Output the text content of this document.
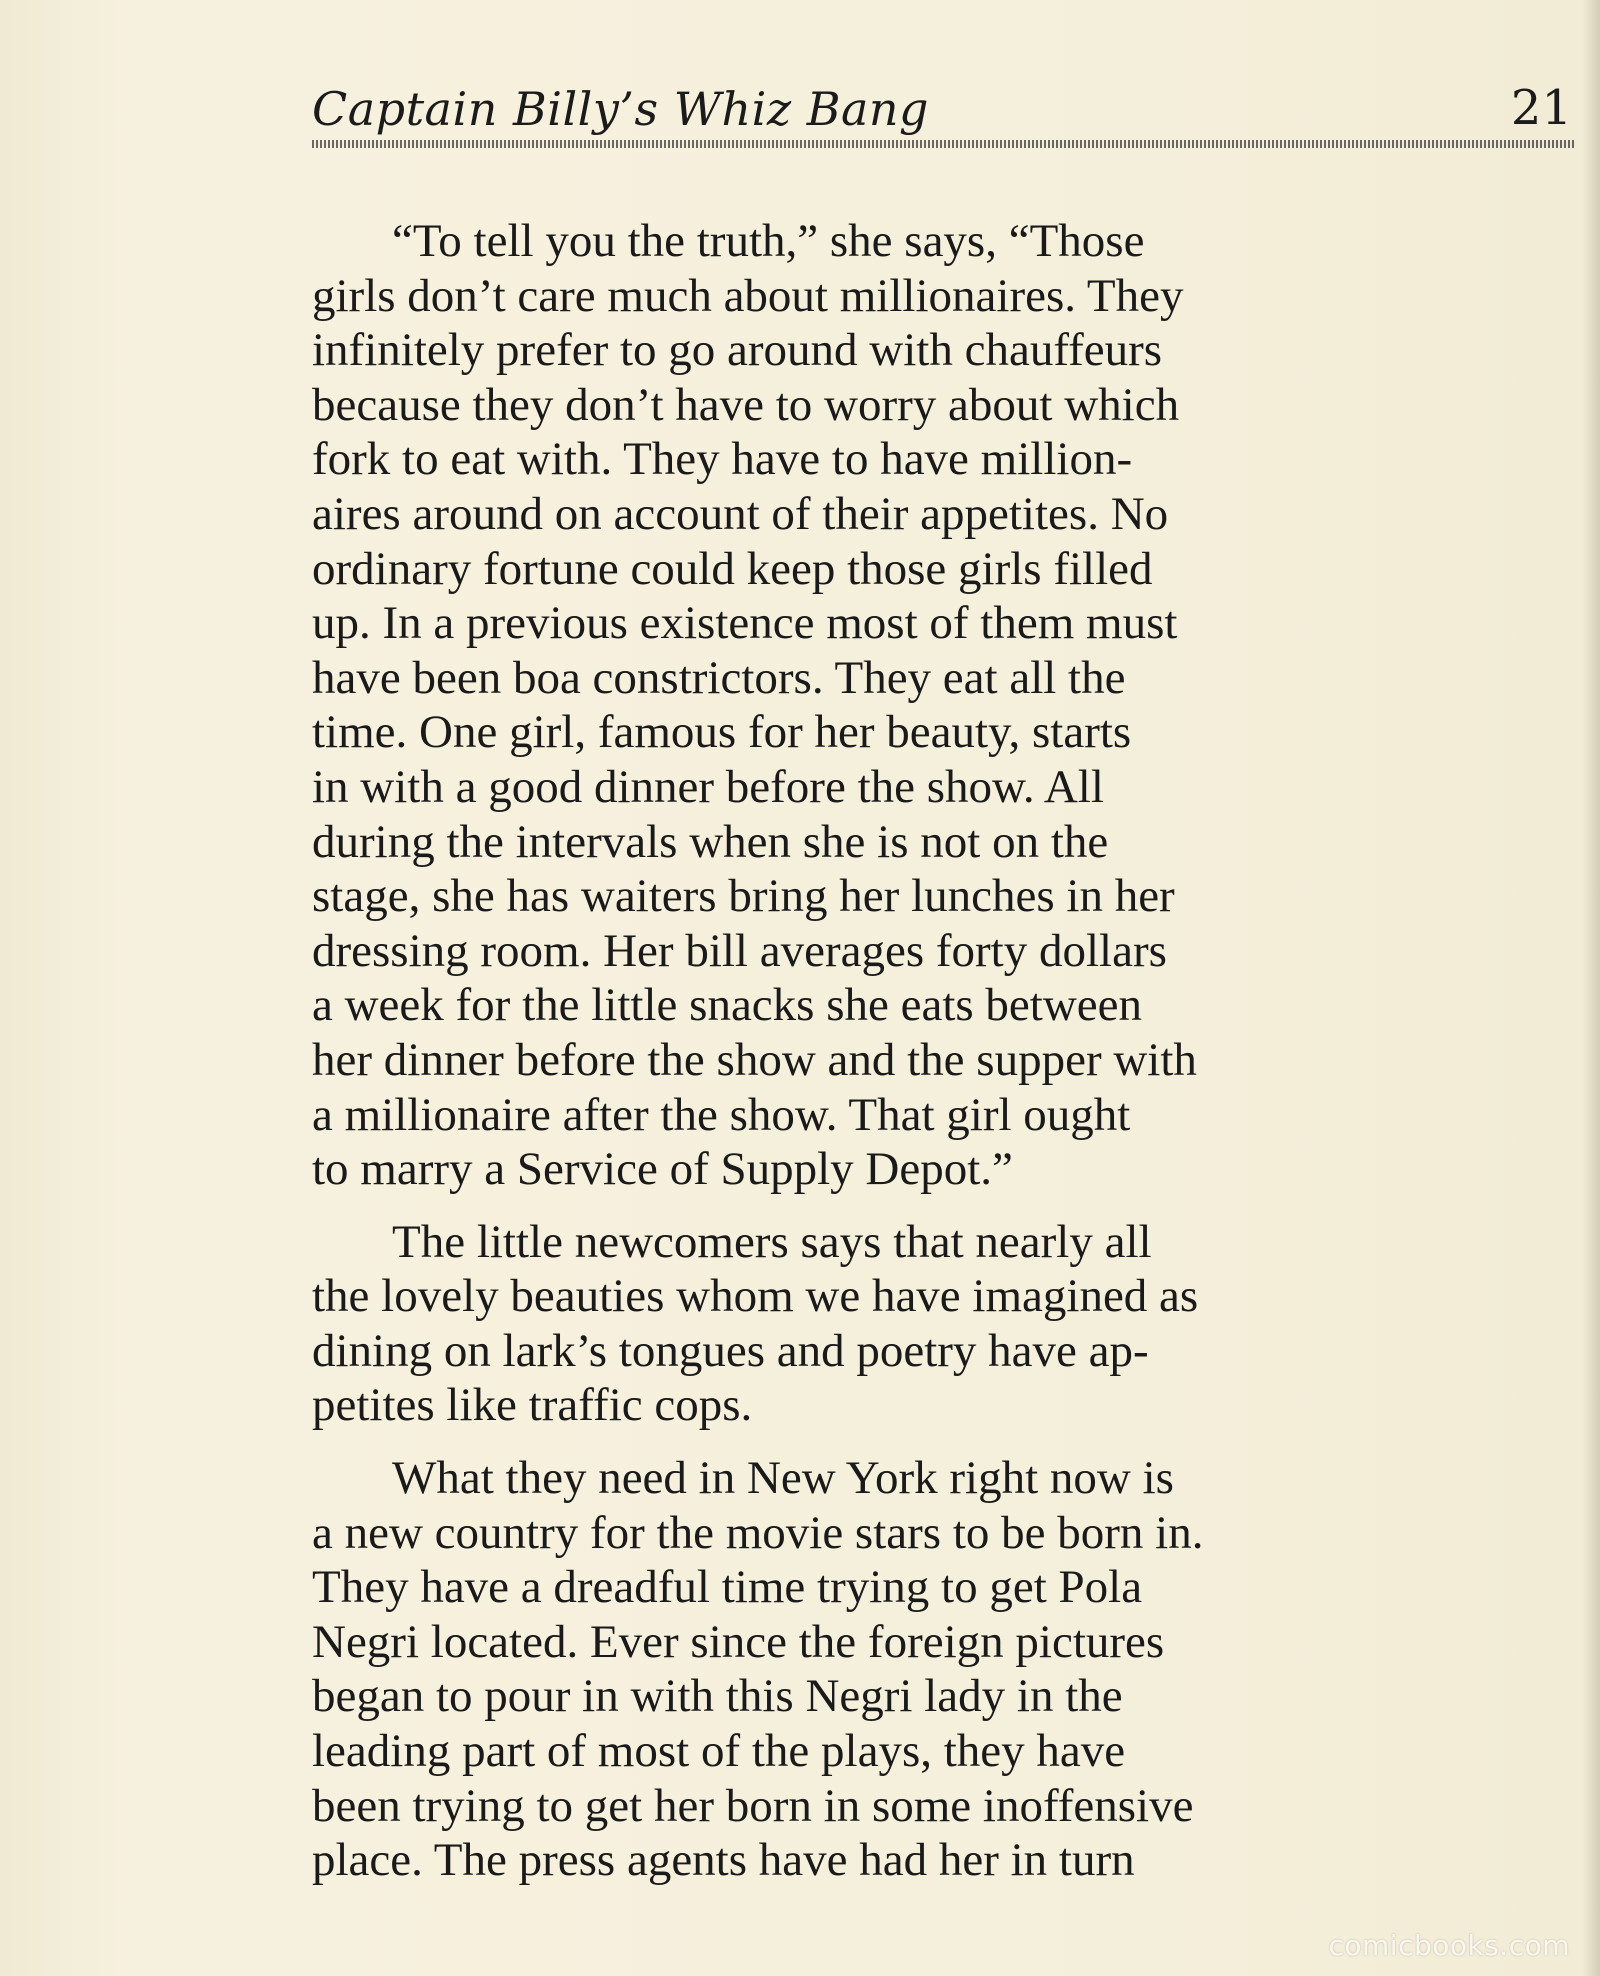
Captain Billy’s Whiz Bang	21

“To tell you the truth,” she says, “Those
girls don’t care much about millionaires. They
infinitely prefer to go around with chauffeurs
because they don’t have to worry about which
fork to eat with. They have to have million-
aires around on account of their appetites. No
ordinary fortune could keep those girls filled
up. In a previous existence most of them must
have been boa constrictors. They eat all the
time. One girl, famous for her beauty, starts
in with a good dinner before the show. All
during the intervals when she is not on the
stage, she has waiters bring her lunches in her
dressing room. Her bill averages forty dollars
a week for the little snacks she eats between
her dinner before the show and the supper with
a millionaire after the show. That girl ought
to marry a Service of Supply Depot.”

The little newcomers says that nearly all
the lovely beauties whom we have imagined as
dining on lark’s tongues and poetry have ap-
petites like traffic cops.

What they need in New York right now is
a new country for the movie stars to be born in.
They have a dreadful time trying to get Pola
Negri located. Ever since the foreign pictures
began to pour in with this Negri lady in the
leading part of most of the plays, they have
been trying to get her born in some inoffensive
place. The press agents have had her in turn

comicbooks.com
